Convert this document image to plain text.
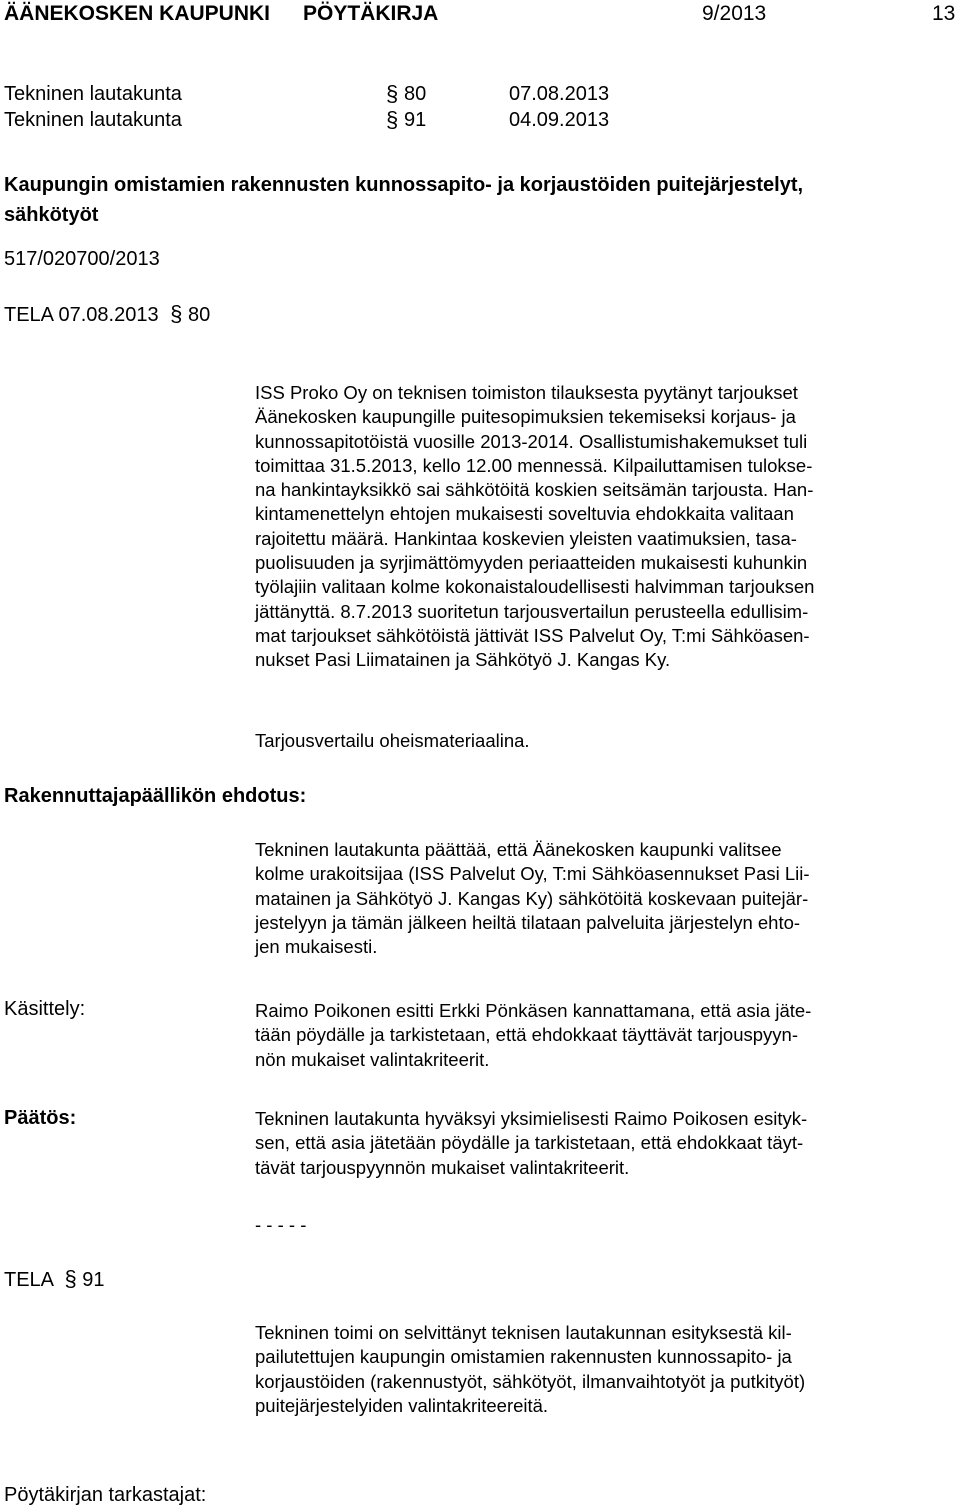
ÄÄNEKOSKEN KAUPUNKI PÖYTÄKIRJA	9/2013	13
Tekninen lautakunta	§ 80	07.08.2013
Tekninen lautakunta	§ 91	04.09.2013
Kaupungin omistamien rakennusten kunnossapito- ja korjaustöiden puitejärjestelyt,
sähkötyöt
517/020700/2013
TELA 07.08.2013 § 80

ISS Proko Oy on teknisen toimiston tilauksesta pyytänyt tarjoukset

Äänekosken kaupungille puitesopimuksien tekemiseksi korjaus- ja

kunnossapitotöistä vuosille 2013-2014. Osallistumishakemukset tuli

toimittaa 31.5.2013, kello 12.00 mennessä. Kilpailuttamisen tulokse-

na hankintayksikkö sai sähkötöitä koskien seitsämän tarjousta. Han-

kintamenettelyn ehtojen mukaisesti soveltuvia ehdokkaita valitaan

rajoitettu määrä. Hankintaa koskevien yleisten vaatimuksien, tasa-

puolisuuden ja syrjimättömyyden periaatteiden mukaisesti kuhunkin

työlajiin valitaan kolme kokonaistaloudellisesti halvimman tarjouksen

jättänyttä. 8.7.2013 suoritetun tarjousvertailun perusteella edullisim-

mat tarjoukset sähkötöistä jättivät ISS Palvelut Oy, T:mi Sähköasen-

nukset Pasi Liimatainen ja Sähkötyö J. Kangas Ky.

Tarjousvertailu oheismateriaalina.
Rakennuttajapäällikön ehdotus:

Tekninen lautakunta päättää, että Äänekosken kaupunki valitsee

kolme urakoitsijaa (ISS Palvelut Oy, T:mi Sähköasennukset Pasi Lii-

matainen ja Sähkötyö J. Kangas Ky) sähkötöitä koskevaan puitejär-

jestelyyn ja tämän jälkeen heiltä tilataan palveluita järjestelyn ehto-

jen mukaisesti.

Käsittely:	Raimo Poikonen esitti Erkki Pönkäsen kannattamana, että asia jäte-

tään pöydälle ja tarkistetaan, että ehdokkaat täyttävät tarjouspyyn-

nön mukaiset valintakriteerit.

Päätös:	Tekninen lautakunta hyväksyi yksimielisesti Raimo Poikosen esityk-

sen, että asia jätetään pöydälle ja tarkistetaan, että ehdokkaat täyt-

tävät tarjouspyynnön mukaiset valintakriteerit.

- - - - -
TELA § 91

Tekninen toimi on selvittänyt teknisen lautakunnan esityksestä kil-

pailutettujen kaupungin omistamien rakennusten kunnossapito- ja

korjaustöiden (rakennustyöt, sähkötyöt, ilmanvaihtotyöt ja putkityöt)

puitejärjestelyiden valintakriteereitä.

Pöytäkirjan tarkastajat:
